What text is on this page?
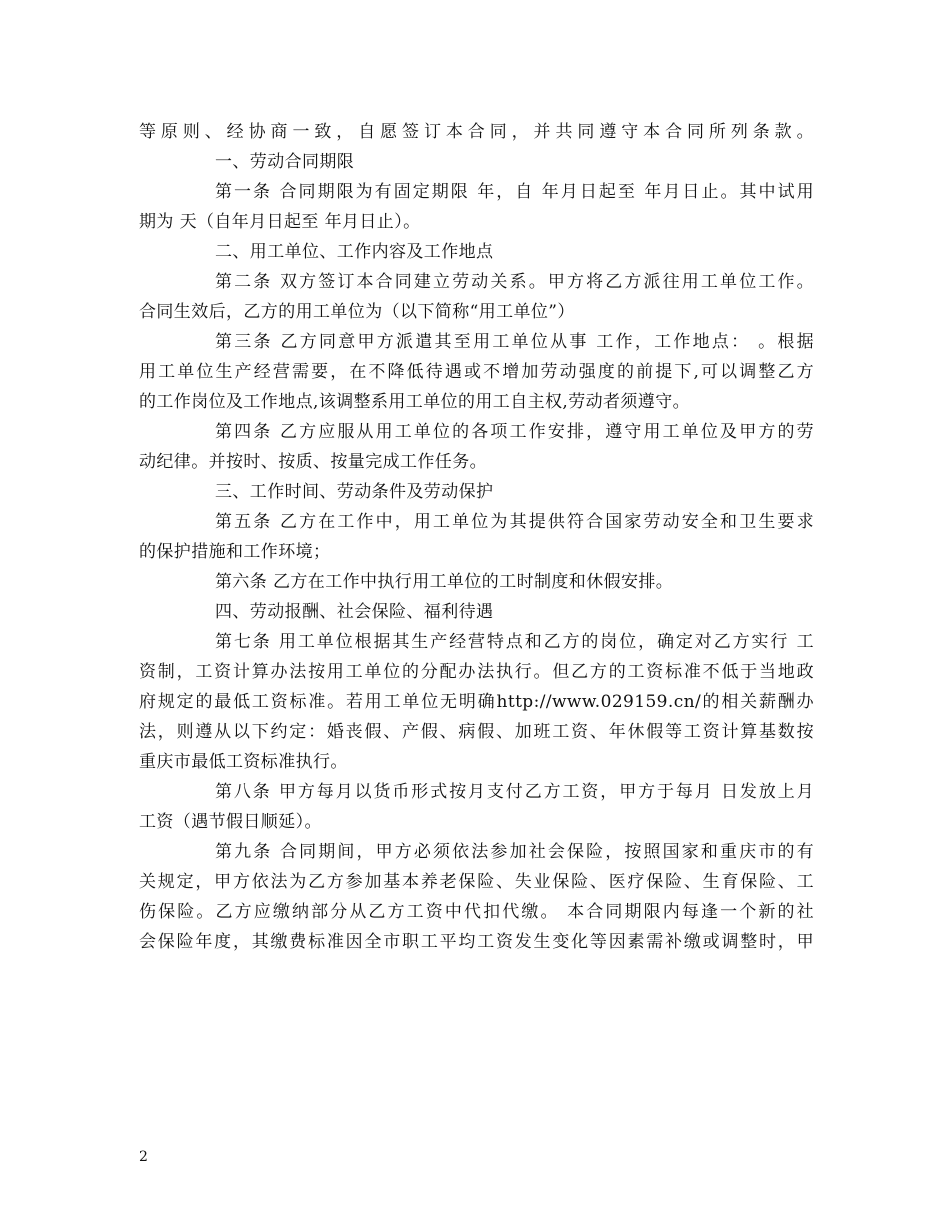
等原则、经协商一致，自愿签订本合同，并共同遵守本合同所列条款。
一、劳动合同期限
第一条 合同期限为有固定期限 年，自 年月日起至 年月日止。其中试用
期为 天（自年月日起至 年月日止）。
二、用工单位、工作内容及工作地点
第二条 双方签订本合同建立劳动关系。甲方将乙方派往用工单位工作。
合同生效后，乙方的用工单位为（以下简称“用工单位”）
第三条 乙方同意甲方派遣其至用工单位从事 工作，工作地点： 。根据
用工单位生产经营需要，在不降低待遇或不增加劳动强度的前提下,可以调整乙方
的工作岗位及工作地点,该调整系用工单位的用工自主权,劳动者须遵守。
第四条 乙方应服从用工单位的各项工作安排，遵守用工单位及甲方的劳
动纪律。并按时、按质、按量完成工作任务。
三、工作时间、劳动条件及劳动保护
第五条 乙方在工作中，用工单位为其提供符合国家劳动安全和卫生要求
的保护措施和工作环境；
第六条 乙方在工作中执行用工单位的工时制度和休假安排。
四、劳动报酬、社会保险、福利待遇
第七条 用工单位根据其生产经营特点和乙方的岗位，确定对乙方实行 工
资制，工资计算办法按用工单位的分配办法执行。但乙方的工资标准不低于当地政
府规定的最低工资标准。若用工单位无明确http://www.029159.cn/的相关薪酬办
法，则遵从以下约定：婚丧假、产假、病假、加班工资、年休假等工资计算基数按
重庆市最低工资标准执行。
第八条 甲方每月以货币形式按月支付乙方工资，甲方于每月 日发放上月
工资（遇节假日顺延）。
第九条 合同期间，甲方必须依法参加社会保险，按照国家和重庆市的有
关规定，甲方依法为乙方参加基本养老保险、失业保险、医疗保险、生育保险、工
伤保险。乙方应缴纳部分从乙方工资中代扣代缴。 本合同期限内每逢一个新的社
会保险年度，其缴费标准因全市职工平均工资发生变化等因素需补缴或调整时，甲
2
